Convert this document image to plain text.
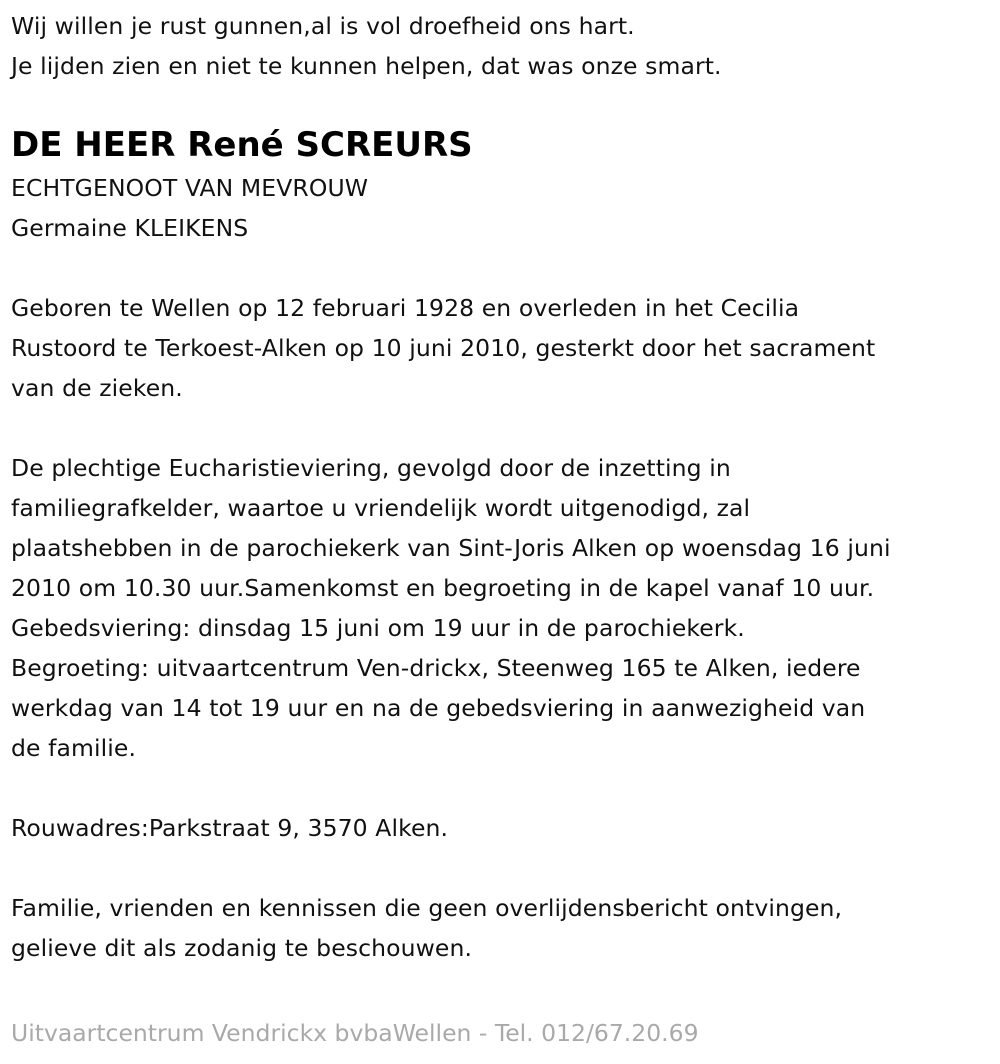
Wij willen je rust gunnen,al is vol droefheid ons hart.
Je lijden zien en niet te kunnen helpen, dat was onze smart.
DE HEER René SCREURS
ECHTGENOOT VAN MEVROUW
Germaine KLEIKENS
Geboren te Wellen op 12 februari 1928 en overleden in het Cecilia
Rustoord te Terkoest-Alken op 10 juni 2010, gesterkt door het sacrament
van de zieken.
De plechtige Eucharistieviering, gevolgd door de inzetting in
familiegrafkelder, waartoe u vriendelijk wordt uitgenodigd, zal
plaatshebben in de parochiekerk van Sint-Joris Alken op woensdag 16 juni
2010 om 10.30 uur.Samenkomst en begroeting in de kapel vanaf 10 uur.
Gebedsviering: dinsdag 15 juni om 19 uur in de parochiekerk.
Begroeting: uitvaartcentrum Ven-drickx, Steenweg 165 te Alken, iedere
werkdag van 14 tot 19 uur en na de gebedsviering in aanwezigheid van
de familie.
Rouwadres:Parkstraat 9, 3570 Alken.
Familie, vrienden en kennissen die geen overlijdensbericht ontvingen,
gelieve dit als zodanig te beschouwen.
Uitvaartcentrum Vendrickx bvbaWellen - Tel. 012/67.20.69
